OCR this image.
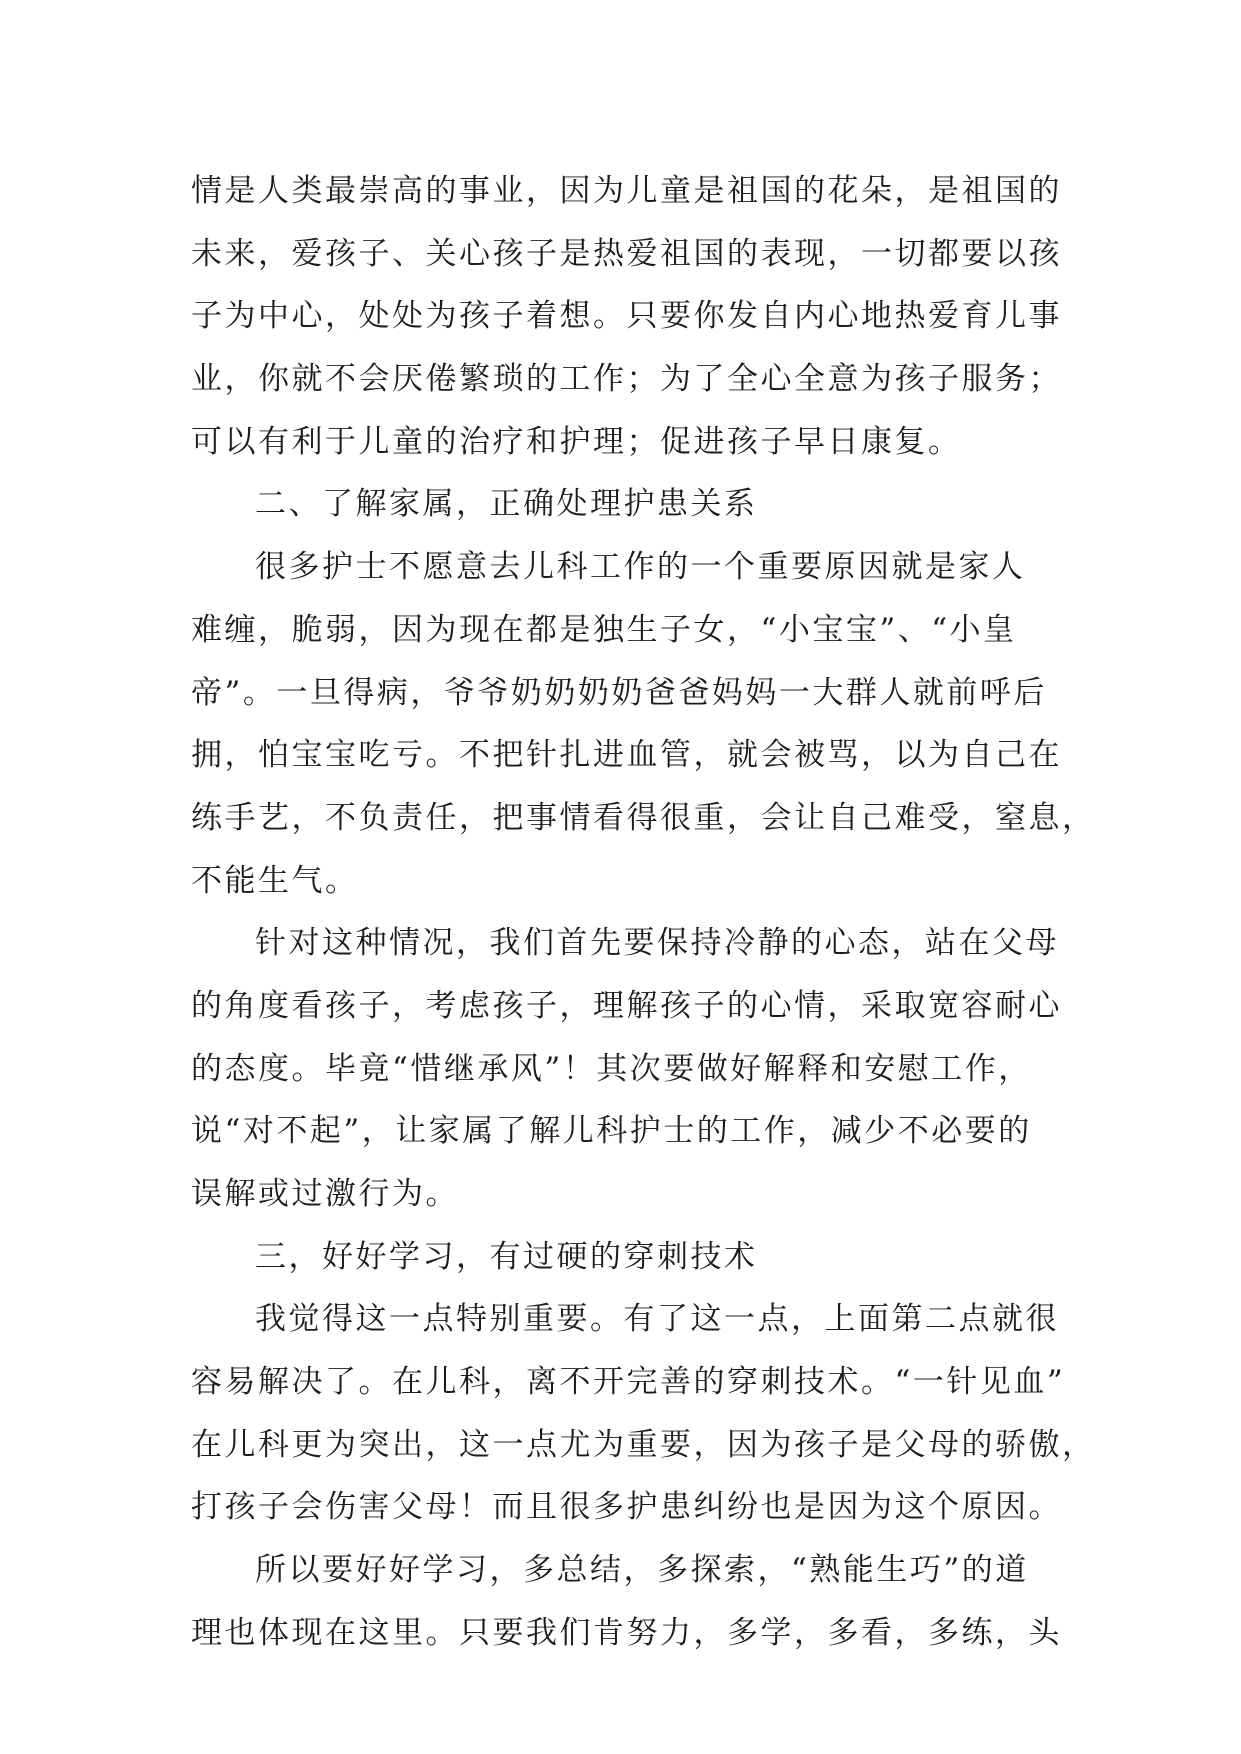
情是人类最崇高的事业，因为儿童是祖国的花朵，是祖国的
未来，爱孩子、关心孩子是热爱祖国的表现，一切都要以孩
子为中心，处处为孩子着想。只要你发自内心地热爱育儿事
业，你就不会厌倦繁琐的工作；为了全心全意为孩子服务；
可以有利于儿童的治疗和护理；促进孩子早日康复。
二、了解家属，正确处理护患关系
很多护士不愿意去儿科工作的一个重要原因就是家人
难缠，脆弱，因为现在都是独生子女，“小宝宝”、“小皇
帝”。一旦得病，爷爷奶奶奶奶爸爸妈妈一大群人就前呼后
拥，怕宝宝吃亏。不把针扎进血管，就会被骂，以为自己在
练手艺，不负责任，把事情看得很重，会让自己难受，窒息，
不能生气。
针对这种情况，我们首先要保持冷静的心态，站在父母
的角度看孩子，考虑孩子，理解孩子的心情，采取宽容耐心
的态度。毕竟“惜继承风”！其次要做好解释和安慰工作，
说“对不起”，让家属了解儿科护士的工作，减少不必要的
误解或过激行为。
三，好好学习，有过硬的穿刺技术
我觉得这一点特别重要。有了这一点，上面第二点就很
容易解决了。在儿科，离不开完善的穿刺技术。“一针见血”
在儿科更为突出，这一点尤为重要，因为孩子是父母的骄傲，
打孩子会伤害父母！而且很多护患纠纷也是因为这个原因。
所以要好好学习，多总结，多探索，“熟能生巧”的道
理也体现在这里。只要我们肯努力，多学，多看，多练，头
